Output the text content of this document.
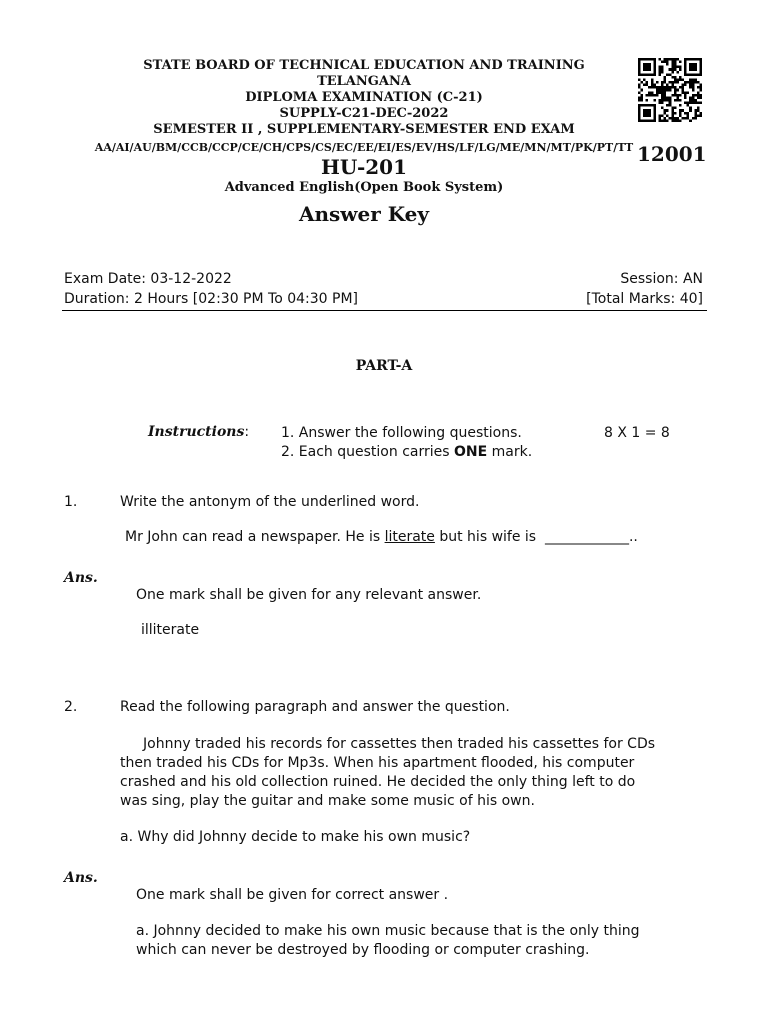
STATE BOARD OF TECHNICAL EDUCATION AND TRAINING
TELANGANA
DIPLOMA EXAMINATION (C-21)
SUPPLY-C21-DEC-2022
SEMESTER II , SUPPLEMENTARY-SEMESTER END EXAM
AA/AI/AU/BM/CCB/CCP/CE/CH/CPS/CS/EC/EE/EI/ES/EV/HS/LF/LG/ME/MN/MT/PK/PT/TT
HU-201
12001
Advanced English(Open Book System)
Answer Key
Exam Date: 03-12-2022	Session: AN
Duration: 2 Hours [02:30 PM To 04:30 PM]	[Total Marks: 40]
PART-A
Instructions: 1. Answer the following questions.
2. Each question carries ONE mark.
8 X 1 = 8
1.	Write the antonym of the underlined word.
Mr John can read a newspaper. He is literate but his wife is  ____________..
Ans.
One mark shall be given for any relevant answer.
illiterate
2.	Read the following paragraph and answer the question.
Johnny traded his records for cassettes then traded his cassettes for CDs
then traded his CDs for Mp3s. When his apartment flooded, his computer
crashed and his old collection ruined. He decided the only thing left to do
was sing, play the guitar and make some music of his own.
a. Why did Johnny decide to make his own music?
Ans.
One mark shall be given for correct answer .
a. Johnny decided to make his own music because that is the only thing
which can never be destroyed by flooding or computer crashing.
